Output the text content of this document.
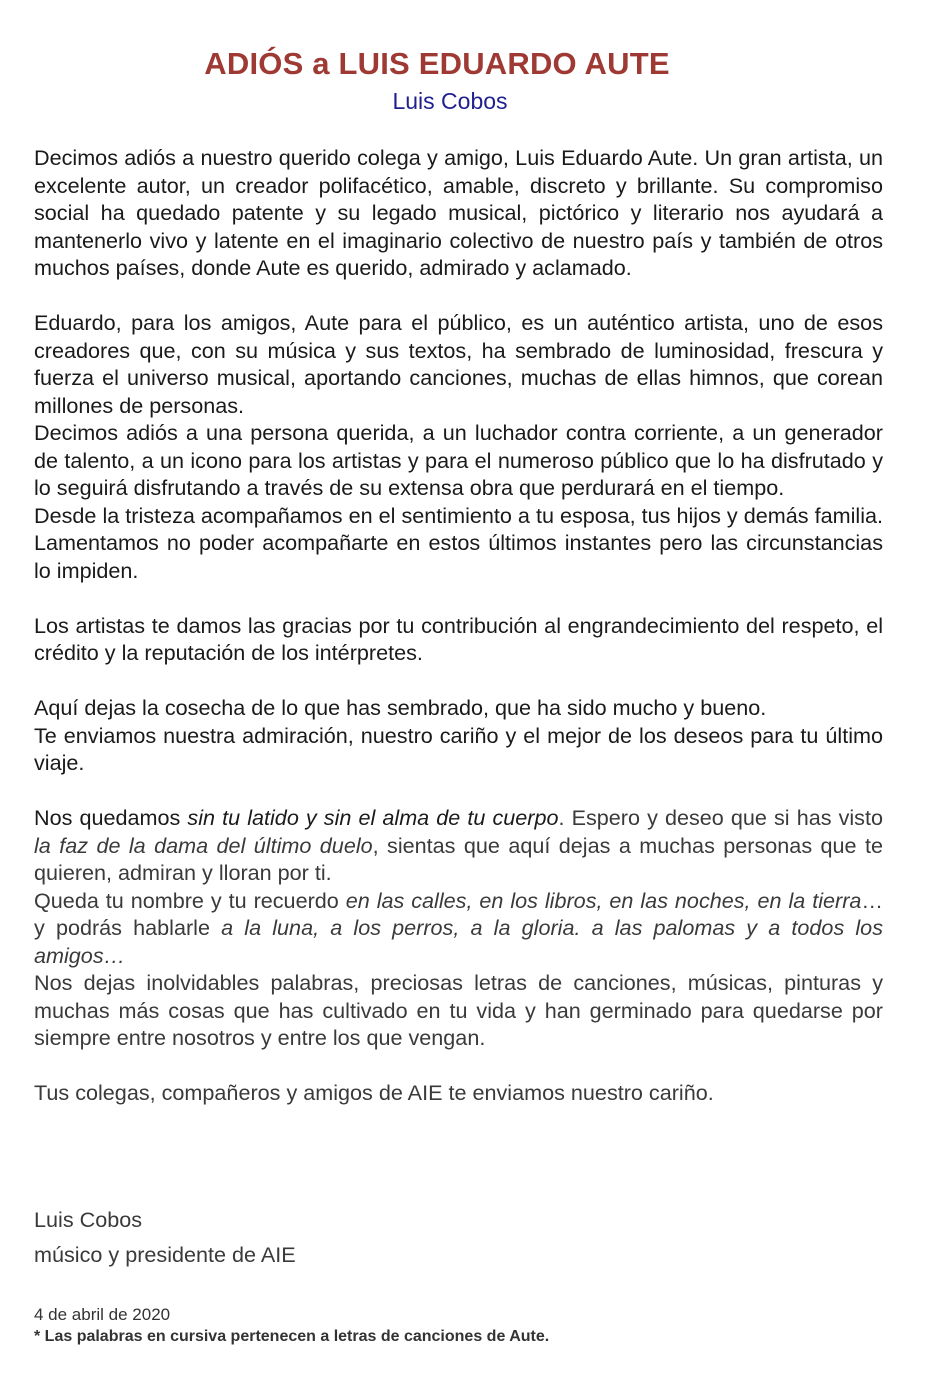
ADIÓS a LUIS EDUARDO AUTE
Luis Cobos

Decimos adiós a nuestro querido colega y amigo, Luis Eduardo Aute. Un gran artista, un excelente autor, un creador polifacético, amable, discreto y brillante. Su compromiso social ha quedado patente y su legado musical, pictórico y literario nos ayudará a mantenerlo vivo y latente en el imaginario colectivo de nuestro país y también de otros muchos países, donde Aute es querido, admirado y aclamado.

Eduardo, para los amigos, Aute para el público, es un auténtico artista, uno de esos creadores que, con su música y sus textos, ha sembrado de luminosidad, frescura y fuerza el universo musical, aportando canciones, muchas de ellas himnos, que corean millones de personas.

Decimos adiós a una persona querida, a un luchador contra corriente, a un generador de talento, a un icono para los artistas y para el numeroso público que lo ha disfrutado y lo seguirá disfrutando a través de su extensa obra que perdurará en el tiempo.

Desde la tristeza acompañamos en el sentimiento a tu esposa, tus hijos y demás familia. Lamentamos no poder acompañarte en estos últimos instantes pero las circunstancias lo impiden.

Los artistas te damos las gracias por tu contribución al engrandecimiento del respeto, el crédito y la reputación de los intérpretes.

Aquí dejas la cosecha de lo que has sembrado, que ha sido mucho y bueno.

Te enviamos nuestra admiración, nuestro cariño y el mejor de los deseos para tu último viaje.

Nos quedamos sin tu latido y sin el alma de tu cuerpo. Espero y deseo que si has visto la faz de la dama del último duelo, sientas que aquí dejas a muchas personas que te quieren, admiran y lloran por ti.

Queda tu nombre y tu recuerdo en las calles, en los libros, en las noches, en la tierra… y podrás hablarle a la luna, a los perros, a la gloria. a las palomas y a todos los amigos…

Nos dejas inolvidables palabras, preciosas letras de canciones, músicas, pinturas y muchas más cosas que has cultivado en tu vida y han germinado para quedarse por siempre entre nosotros y entre los que vengan.

Tus colegas, compañeros y amigos de AIE te enviamos nuestro cariño.

Luis Cobos
músico y presidente de AIE
4 de abril de 2020
* Las palabras en cursiva pertenecen a letras de canciones de Aute.
